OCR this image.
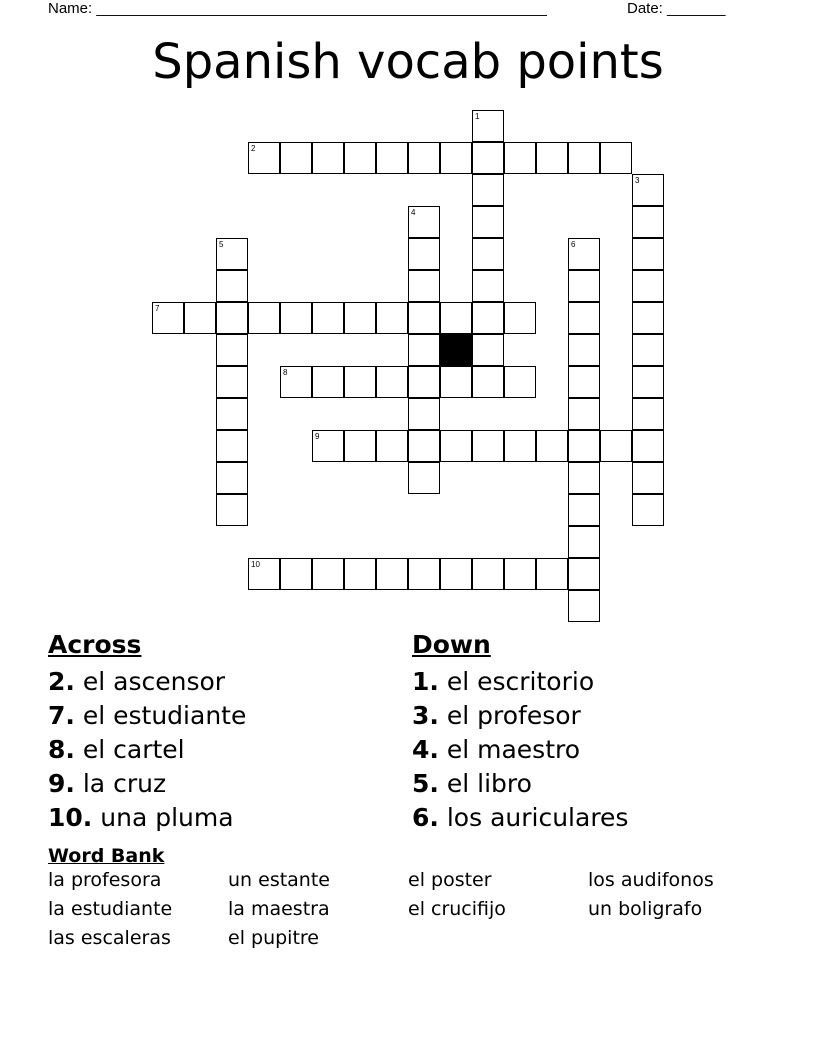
Name: ______________________________________________________	Date: _______
Spanish vocab points
2
7
8
9
10
1
3
4
5	6
Across
2. el ascensor
7. el estudiante
8. el cartel
9. la cruz
10. una pluma
Down
1. el escritorio
3. el profesor
4. el maestro
5. el libro
6. los auriculares
Word Bank
la profesora
la estudiante
las escaleras
un estante
la maestra
el pupitre
el poster
el crucifijo
los audifonos
un boligrafo
